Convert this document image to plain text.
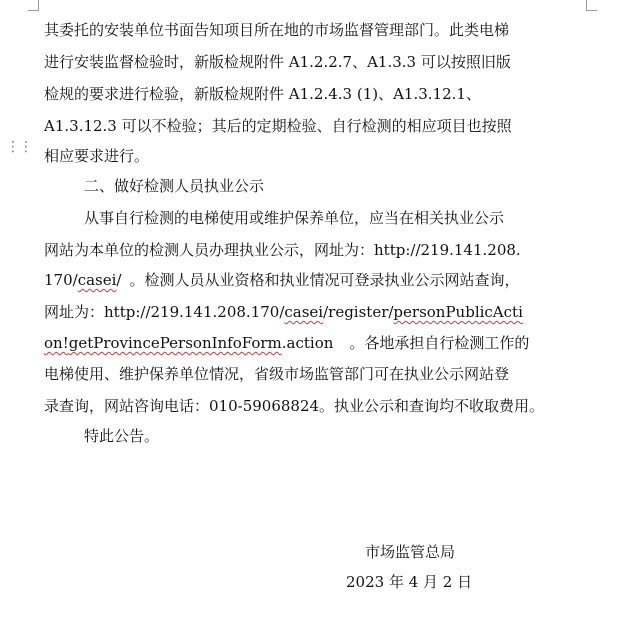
⋮⋮
其委托的安装单位书面告知项目所在地的市场监督管理部门。此类电梯
进行安装监督检验时，新版检规附件 A1.2.2.7、A1.3.3 可以按照旧版
检规的要求进行检验，新版检规附件 A1.2.4.3 (1)、A1.3.12.1、
A1.3.12.3 可以不检验；其后的定期检验、自行检测的相应项目也按照
相应要求进行。
二、做好检测人员执业公示
从事自行检测的电梯使用或维护保养单位，应当在相关执业公示
网站为本单位的检测人员办理执业公示，网址为：http://219.141.208.
170/casei/ 。检测人员从业资格和执业情况可登录执业公示网站查询，
网址为：http://219.141.208.170/casei/register/personPublicActi
on!getProvincePersonInfoForm.action 。各地承担自行检测工作的
电梯使用、维护保养单位情况，省级市场监管部门可在执业公示网站登
录查询，网站咨询电话：010-59068824。执业公示和查询均不收取费用。
特此公告。
市场监管总局
2023 年 4 月 2 日
